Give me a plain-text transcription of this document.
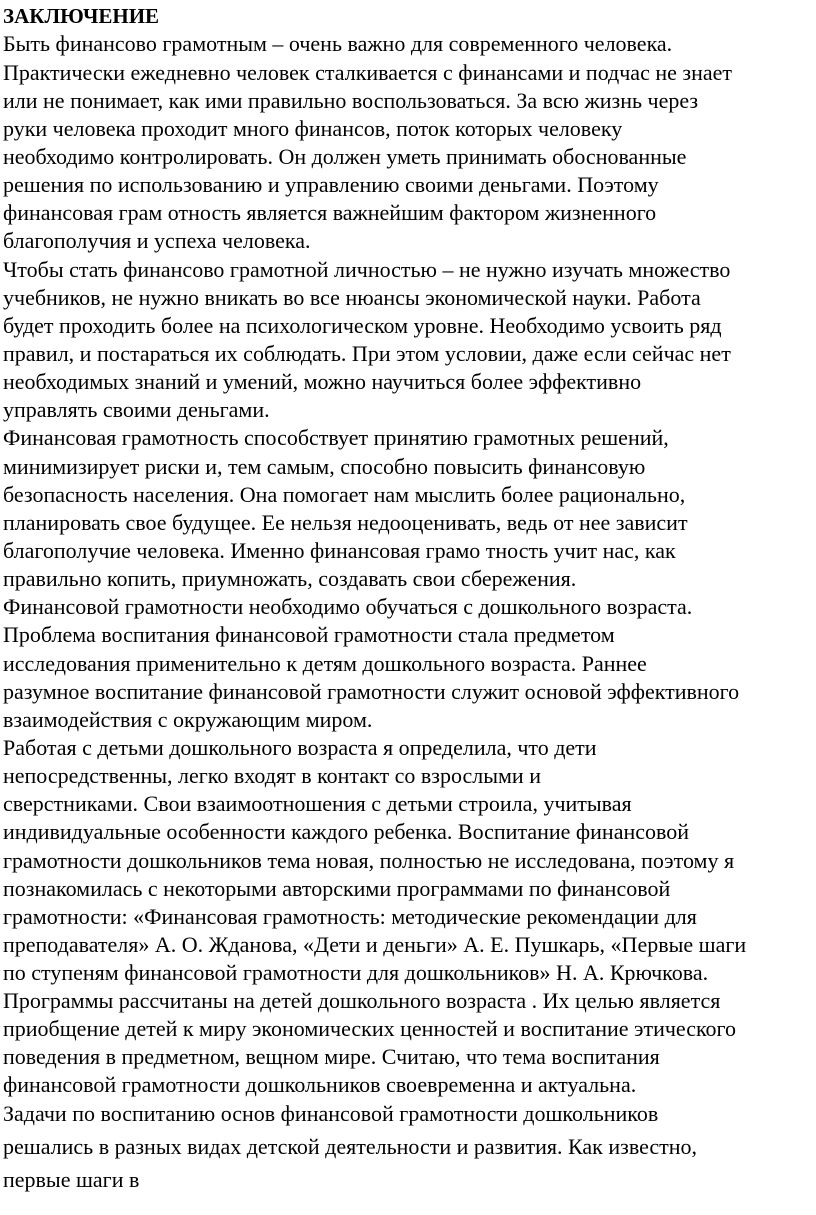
ЗАКЛЮЧЕНИЕ
Быть финансово грамотным – очень важно для современного человека.
Практически ежедневно человек сталкивается с финансами и подчас не знает
или не понимает, как ими правильно воспользоваться. За всю жизнь через
руки человека проходит много финансов, поток которых человеку
необходимо контролировать. Он должен уметь принимать обоснованные
решения по использованию и управлению своими деньгами. Поэтому
финансовая грам отность является важнейшим фактором жизненного
благополучия и успеха человека.
Чтобы стать финансово грамотной личностью – не нужно изучать множество
учебников, не нужно вникать во все нюансы экономической науки. Работа
будет проходить более на психологическом уровне. Необходимо усвоить ряд
правил, и постараться их соблюдать. При этом условии, даже если сейчас нет
необходимых знаний и умений, можно научиться более эффективно
управлять своими деньгами.
Финансовая грамотность способствует принятию грамотных решений,
минимизирует риски и, тем самым, способно повысить финансовую
безопасность населения. Она помогает нам мыслить более рационально,
планировать свое будущее. Ее нельзя недооценивать, ведь от нее зависит
благополучие человека. Именно финансовая грамо тность учит нас, как
правильно копить, приумножать, создавать свои сбережения.
Финансовой грамотности необходимо обучаться с дошкольного возраста.
Проблема воспитания финансовой грамотности стала предметом
исследования применительно к детям дошкольного возраста. Раннее
разумное воспитание финансовой грамотности служит основой эффективного
взаимодействия с окружающим миром.
Работая с детьми дошкольного возраста я определила, что дети
непосредственны, легко входят в контакт со взрослыми и
сверстниками. Свои взаимоотношения с детьми строила, учитывая
индивидуальные особенности каждого ребенка. Воспитание финансовой
грамотности дошкольников тема новая, полностью не исследована, поэтому я
познакомилась с некоторыми авторскими программами по финансовой
грамотности: «Финансовая грамотность: методические рекомендации для
преподавателя» А. О. Жданова, «Дети и деньги» А. Е. Пушкарь, «Первые шаги
по ступеням финансовой грамотности для дошкольников» Н. А. Крючкова.
Программы рассчитаны на детей дошкольного возраста . Их целью является
приобщение детей к миру экономических ценностей и воспитание этического
поведения в предметном, вещном мире. Считаю, что тема воспитания
финансовой грамотности дошкольников своевременна и актуальна.
Задачи по воспитанию основ финансовой грамотности дошкольников
решались в разных видах детской деятельности и развития. Как известно,
первые шаги в
